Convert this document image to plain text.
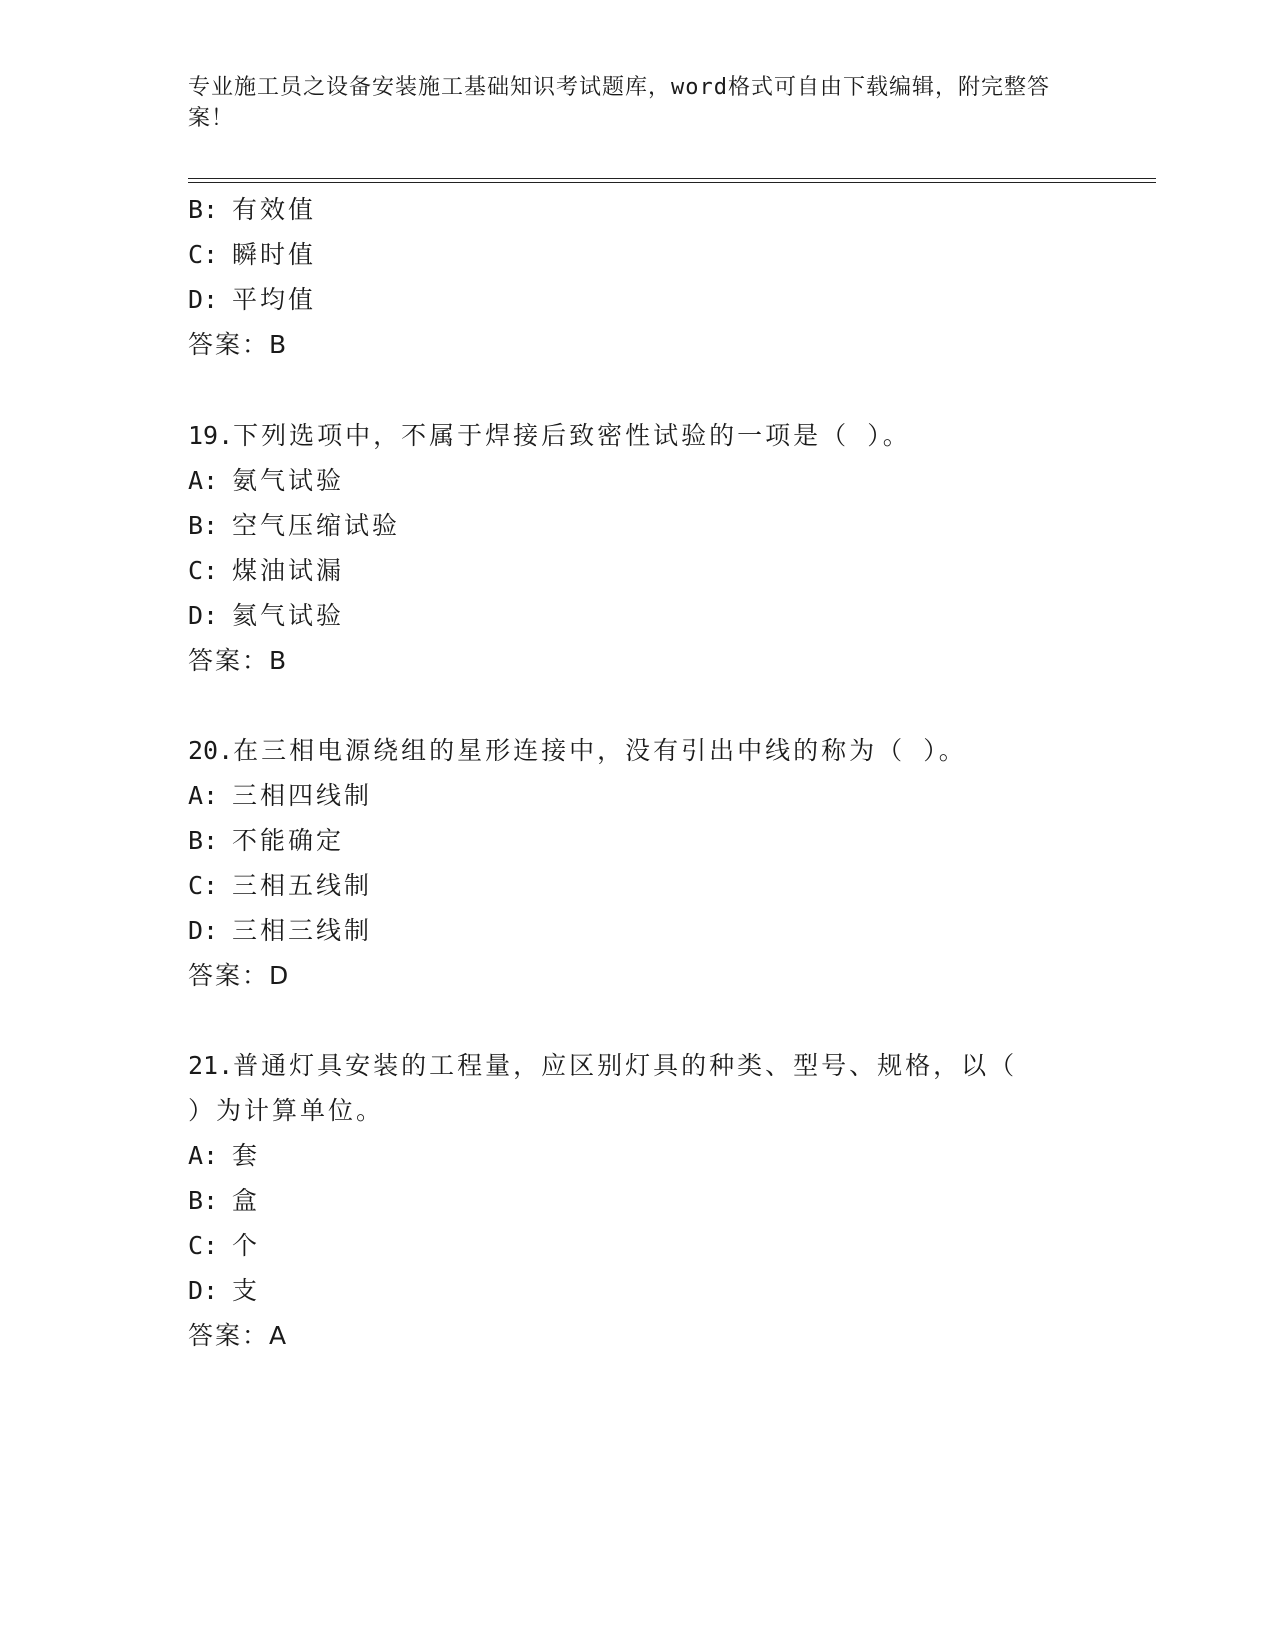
专业施工员之设备安装施工基础知识考试题库，word格式可自由下载编辑，附完整答案！
B: 有效值
C: 瞬时值
D: 平均值
答案：B
19.下列选项中，不属于焊接后致密性试验的一项是（ ）。
A: 氨气试验
B: 空气压缩试验
C: 煤油试漏
D: 氦气试验
答案：B
20.在三相电源绕组的星形连接中，没有引出中线的称为（ ）。
A: 三相四线制
B: 不能确定
C: 三相五线制
D: 三相三线制
答案：D
21.普通灯具安装的工程量，应区别灯具的种类、型号、规格，以（
）为计算单位。
A: 套
B: 盒
C: 个
D: 支
答案：A
